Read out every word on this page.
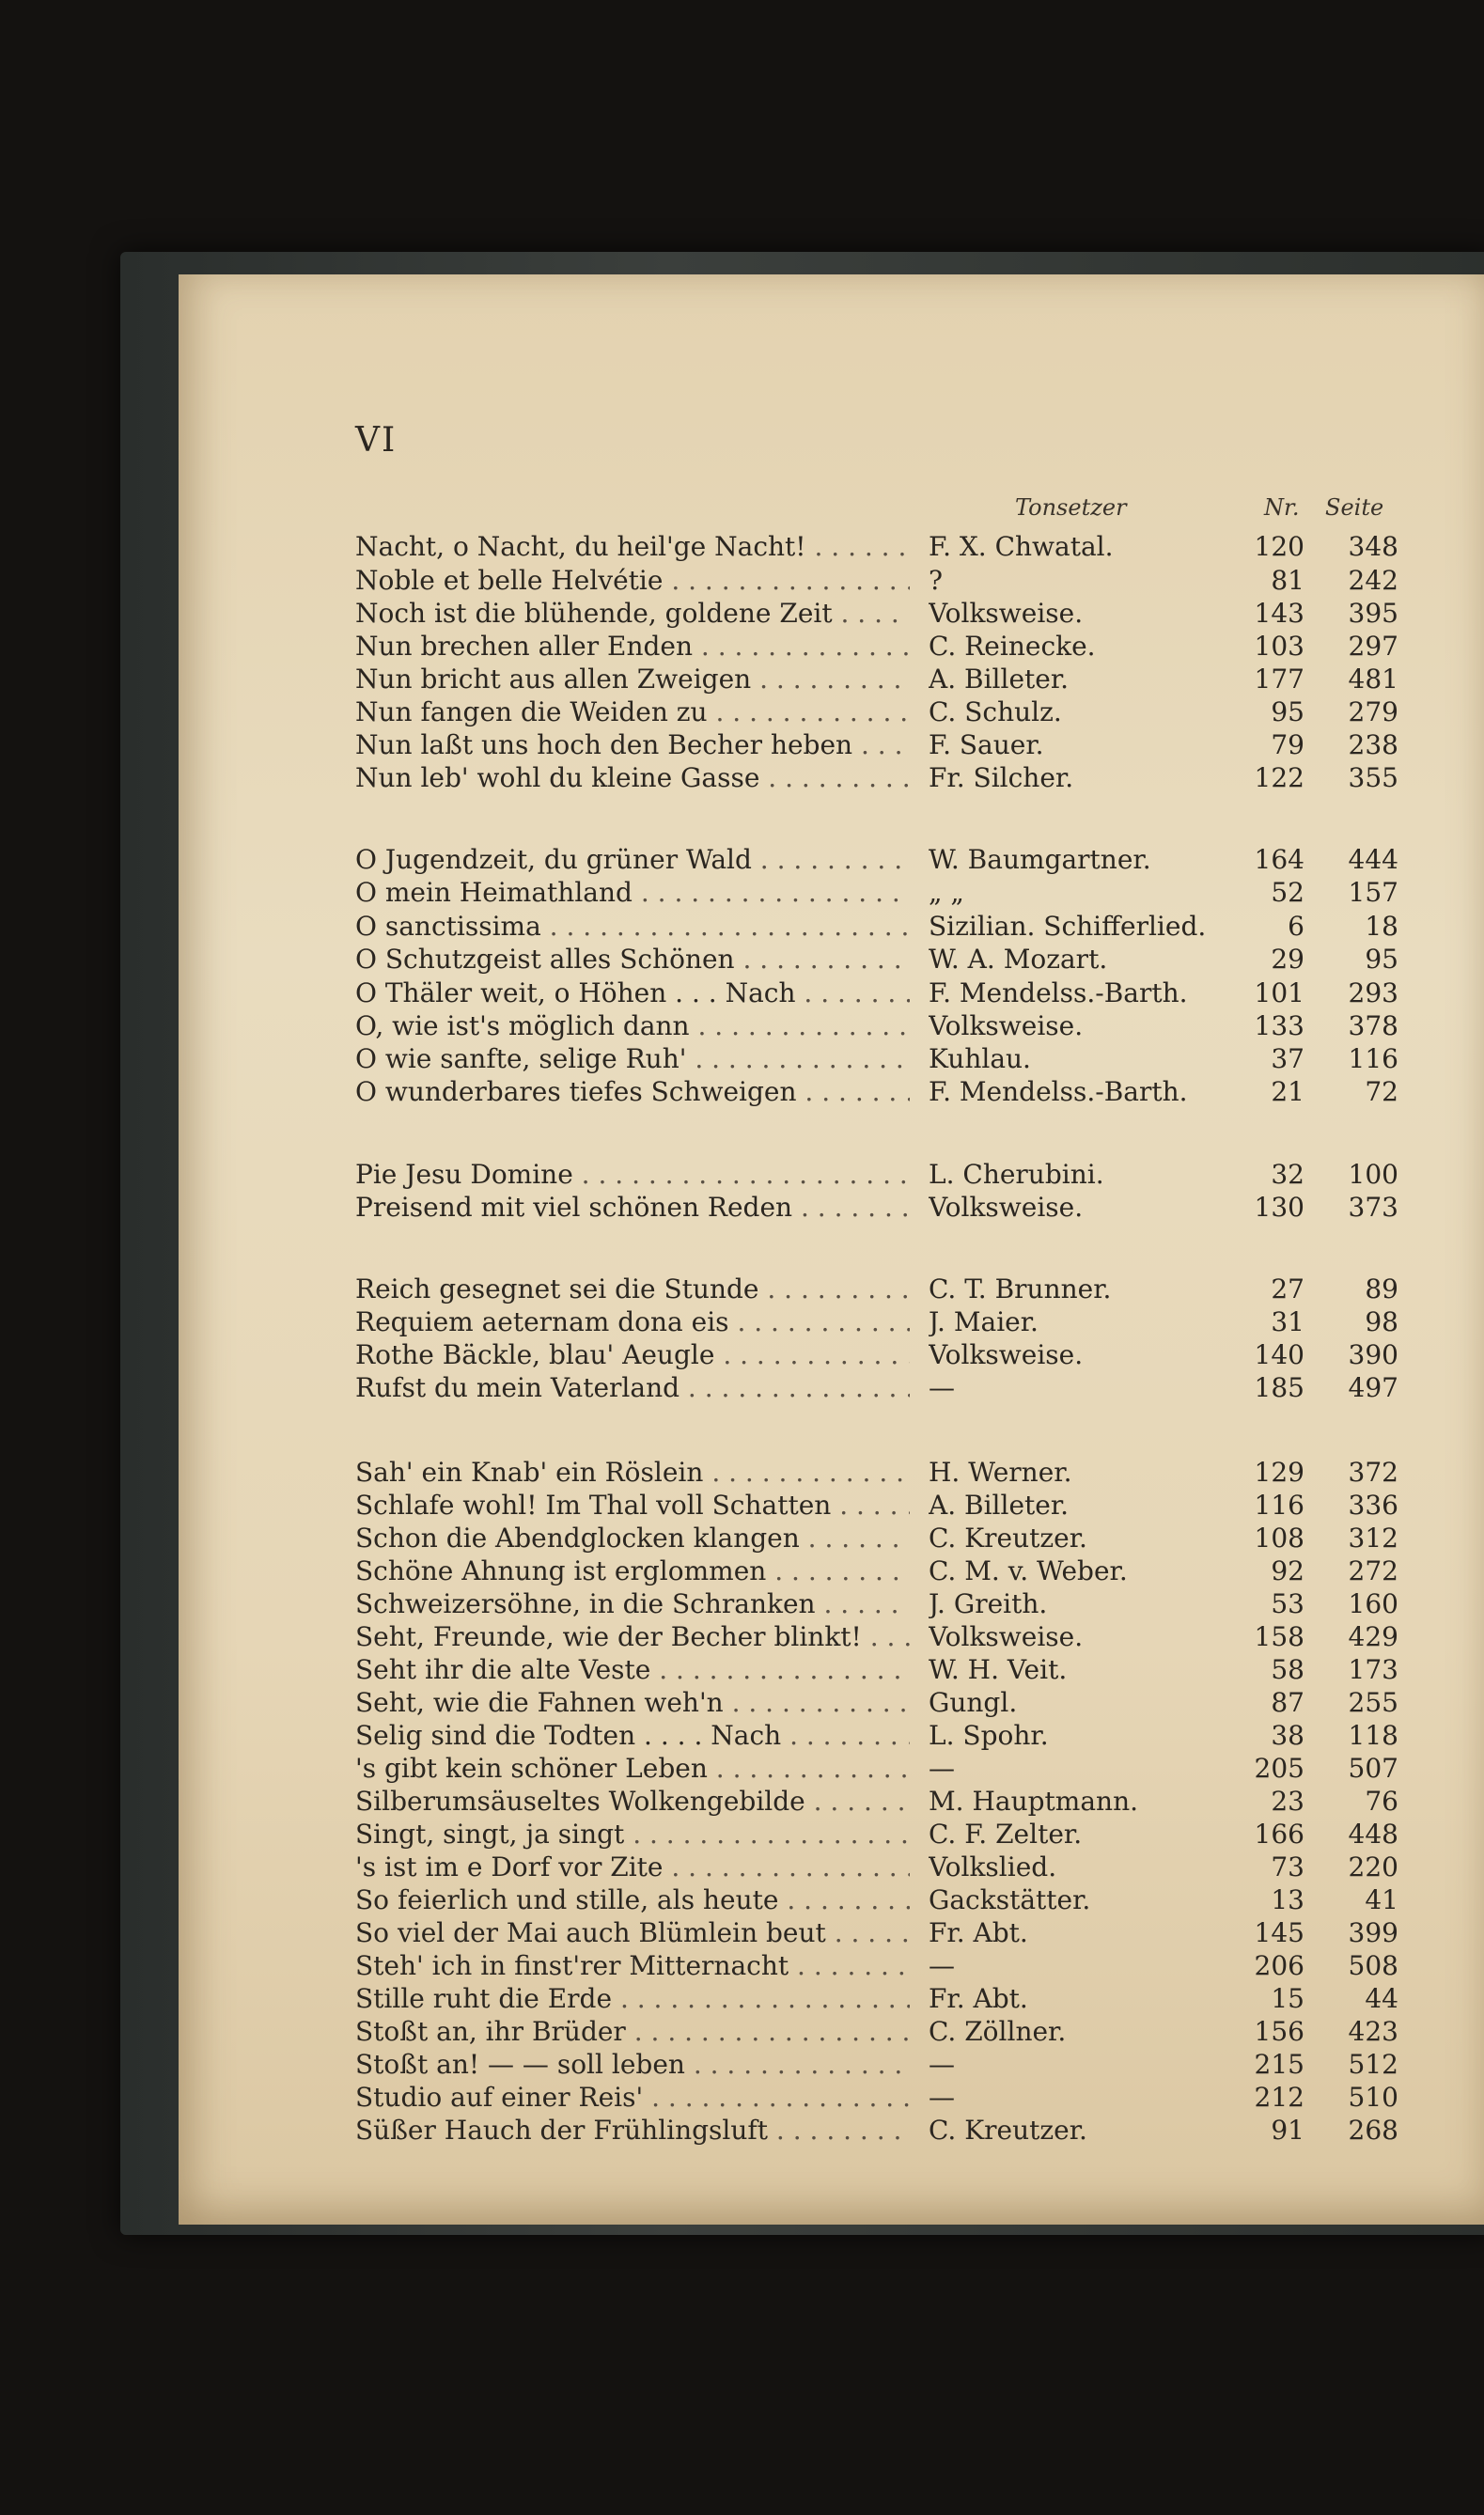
VI
Tonsetzer	Nr. Seite
Nacht, o Nacht, du heil'ge Nacht! . . .	F. X. Chwatal.	120	348
Noble et belle Helvétie . . .	?	81	242
Noch ist die blühende, goldene Zeit . . .	Volksweise.	143	395
Nun brechen aller Enden . . .	C. Reinecke.	103	297
Nun bricht aus allen Zweigen . . .	A. Billeter.	177	481
Nun fangen die Weiden zu . . .	C. Schulz.	95	279
Nun laßt uns hoch den Becher heben . . .	F. Sauer.	79	238
Nun leb' wohl du kleine Gasse . . .	Fr. Silcher.	122	355
O Jugendzeit, du grüner Wald . . .	W. Baumgartner.	164	444
O mein Heimathland . . .	„ „	52	157
O sanctissima . . .	Sizilian. Schifferlied.	6	18
O Schutzgeist alles Schönen . . .	W. A. Mozart.	29	95
O Thäler weit, o Höhen . . . Nach . . .	F. Mendelss.-Barth.	101	293
O, wie ist's möglich dann . . .	Volksweise.	133	378
O wie sanfte, selige Ruh' . . .	Kuhlau.	37	116
O wunderbares tiefes Schweigen . . .	F. Mendelss.-Barth.	21	72
Pie Jesu Domine . . .	L. Cherubini.	32	100
Preisend mit viel schönen Reden . . .	Volksweise.	130	373
Reich gesegnet sei die Stunde . . .	C. T. Brunner.	27	89
Requiem aeternam dona eis . . .	J. Maier.	31	98
Rothe Bäckle, blau' Aeugle . . .	Volksweise.	140	390
Rufst du mein Vaterland . . .	—	185	497
Sah' ein Knab' ein Röslein . . .	H. Werner.	129	372
Schlafe wohl! Im Thal voll Schatten . . .	A. Billeter.	116	336
Schon die Abendglocken klangen . . .	C. Kreutzer.	108	312
Schöne Ahnung ist erglommen . . .	C. M. v. Weber.	92	272
Schweizersöhne, in die Schranken . . .	J. Greith.	53	160
Seht, Freunde, wie der Becher blinkt! . . .	Volksweise.	158	429
Seht ihr die alte Veste . . .	W. H. Veit.	58	173
Seht, wie die Fahnen weh'n . . .	Gungl.	87	255
Selig sind die Todten . . . . Nach . . .	L. Spohr.	38	118
's gibt kein schöner Leben . . .	—	205	507
Silberumsäuseltes Wolkengebilde . . .	M. Hauptmann.	23	76
Singt, singt, ja singt . . .	C. F. Zelter.	166	448
's ist im e Dorf vor Zite . . .	Volkslied.	73	220
So feierlich und stille, als heute . . .	Gackstätter.	13	41
So viel der Mai auch Blümlein beut . . .	Fr. Abt.	145	399
Steh' ich in finst'rer Mitternacht . . .	—	206	508
Stille ruht die Erde . . .	Fr. Abt.	15	44
Stoßt an, ihr Brüder . . .	C. Zöllner.	156	423
Stoßt an! — — soll leben . . .	—	215	512
Studio auf einer Reis' . . .	—	212	510
Süßer Hauch der Frühlingsluft . . .	C. Kreutzer.	91	268
